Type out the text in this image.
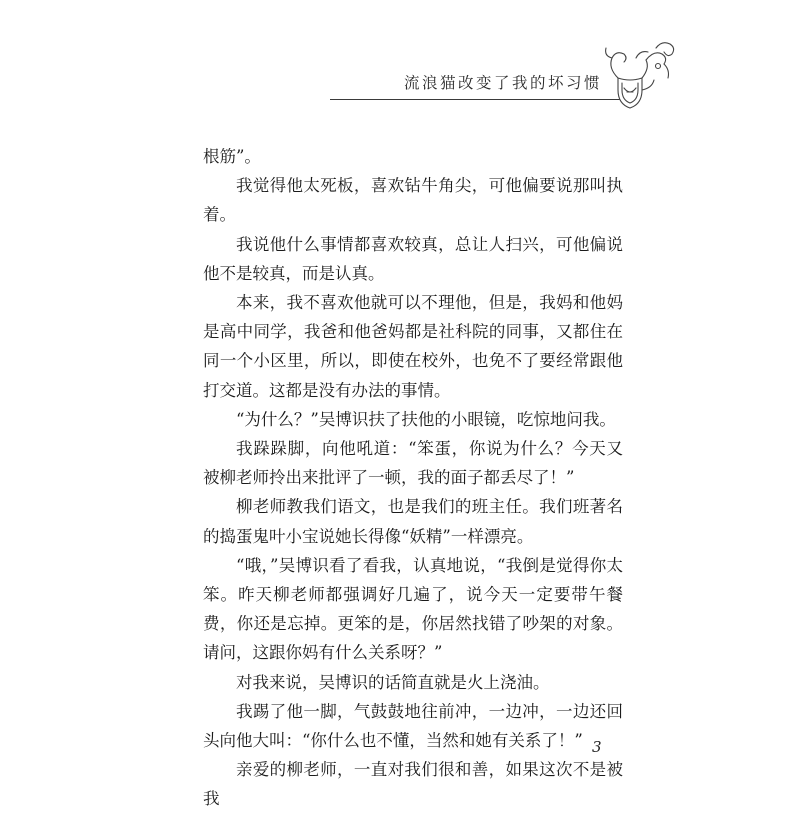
流浪猫改变了我的坏习惯

根筋”。

我觉得他太死板，喜欢钻牛角尖，可他偏要说那叫执着。

我说他什么事情都喜欢较真，总让人扫兴，可他偏说他不是较真，而是认真。

本来，我不喜欢他就可以不理他，但是，我妈和他妈是高中同学，我爸和他爸妈都是社科院的同事，又都住在同一个小区里，所以，即使在校外，也免不了要经常跟他打交道。这都是没有办法的事情。

“为什么？”吴博识扶了扶他的小眼镜，吃惊地问我。

我跺跺脚，向他吼道：“笨蛋，你说为什么？今天又被柳老师拎出来批评了一顿，我的面子都丢尽了！”

柳老师教我们语文，也是我们的班主任。我们班著名的捣蛋鬼叶小宝说她长得像“妖精”一样漂亮。

“哦，”吴博识看了看我，认真地说，“我倒是觉得你太笨。昨天柳老师都强调好几遍了，说今天一定要带午餐费，你还是忘掉。更笨的是，你居然找错了吵架的对象。请问，这跟你妈有什么关系呀？”

对我来说，吴博识的话简直就是火上浇油。

我踢了他一脚，气鼓鼓地往前冲，一边冲，一边还回头向他大叫：“你什么也不懂，当然和她有关系了！”

亲爱的柳老师，一直对我们很和善，如果这次不是被我

3
